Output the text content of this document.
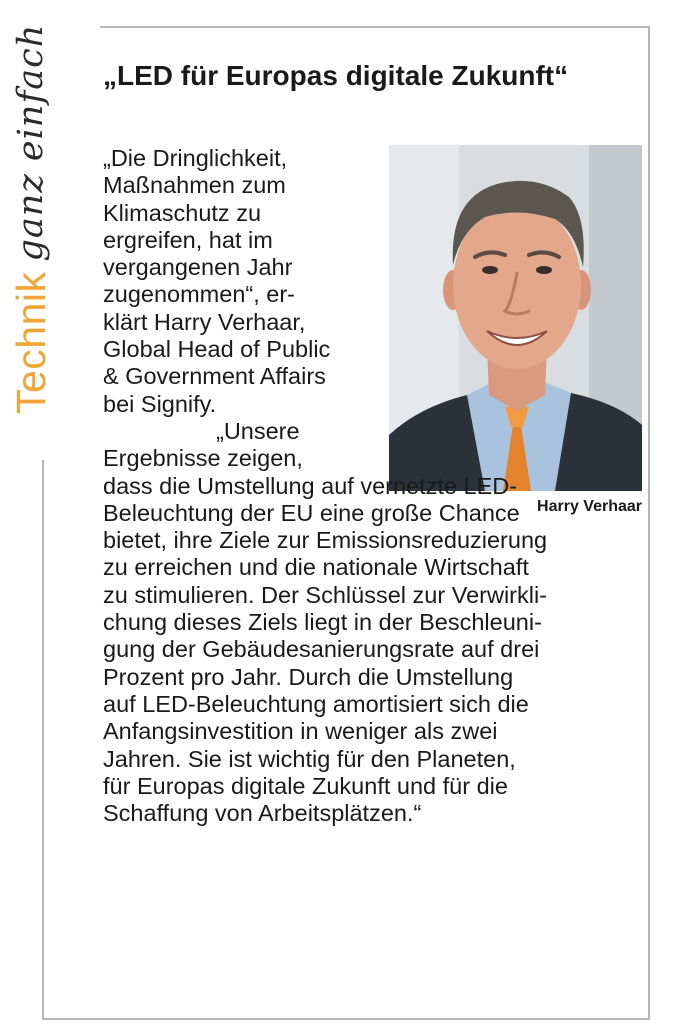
Technik
ganz einfach „LED für Europas digitale Zukunft“

Harry Verhaar

„Die Dringlichkeit,
Maßnahmen zum
Klimaschutz zu
ergreifen, hat im
vergangenen Jahr
zugenommen“, er-
klärt Harry Verhaar,
Global Head of Public
& Government Affairs
bei Signify.
„Unsere
Ergebnisse zeigen,
dass die Umstellung auf vernetzte LED-
Beleuchtung der EU eine große Chance
bietet, ihre Ziele zur Emissionsreduzierung
zu erreichen und die nationale Wirtschaft
zu stimulieren. Der Schlüssel zur Verwirkli-
chung dieses Ziels liegt in der Beschleuni-
gung der Gebäudesanierungsrate auf drei
Prozent pro Jahr. Durch die Umstellung
auf LED-Beleuchtung amortisiert sich die
Anfangsinvestition in weniger als zwei
Jahren. Sie ist wichtig für den Planeten,
für Europas digitale Zukunft und für die
Schaffung von Arbeitsplätzen.“
